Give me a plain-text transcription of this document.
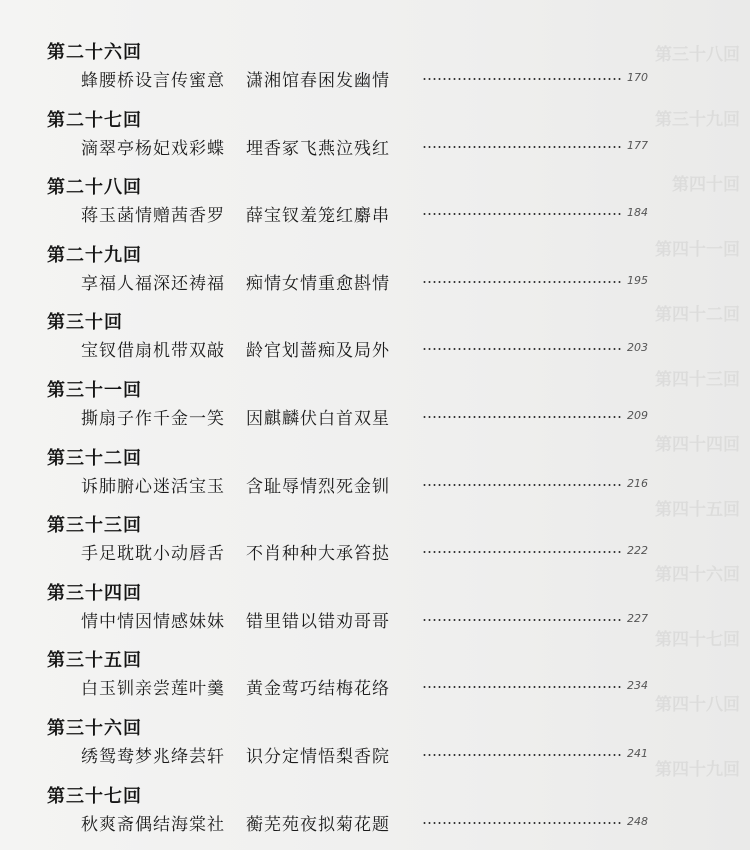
第三十八回
第三十九回
第四十回
第四十一回
第四十二回
第四十三回
第四十四回
第四十五回
第四十六回
第四十七回
第四十八回
第四十九回
第二十六回
蜂腰桥设言传蜜意 潇湘馆春困发幽情	170
第二十七回
滴翠亭杨妃戏彩蝶 埋香冢飞燕泣残红	177
第二十八回
蒋玉菡情赠茜香罗 薛宝钗羞笼红麝串	184
第二十九回
享福人福深还祷福 痴情女情重愈斟情	195
第三十回
宝钗借扇机带双敲 龄官划蔷痴及局外	203
第三十一回
撕扇子作千金一笑 因麒麟伏白首双星	209
第三十二回
诉肺腑心迷活宝玉 含耻辱情烈死金钏	216
第三十三回
手足耽耽小动唇舌 不肖种种大承笞挞	222
第三十四回
情中情因情感妹妹 错里错以错劝哥哥	227
第三十五回
白玉钏亲尝莲叶羹 黄金莺巧结梅花络	234
第三十六回
绣鸳鸯梦兆绛芸轩 识分定情悟梨香院	241
第三十七回
秋爽斋偶结海棠社 蘅芜苑夜拟菊花题	248
